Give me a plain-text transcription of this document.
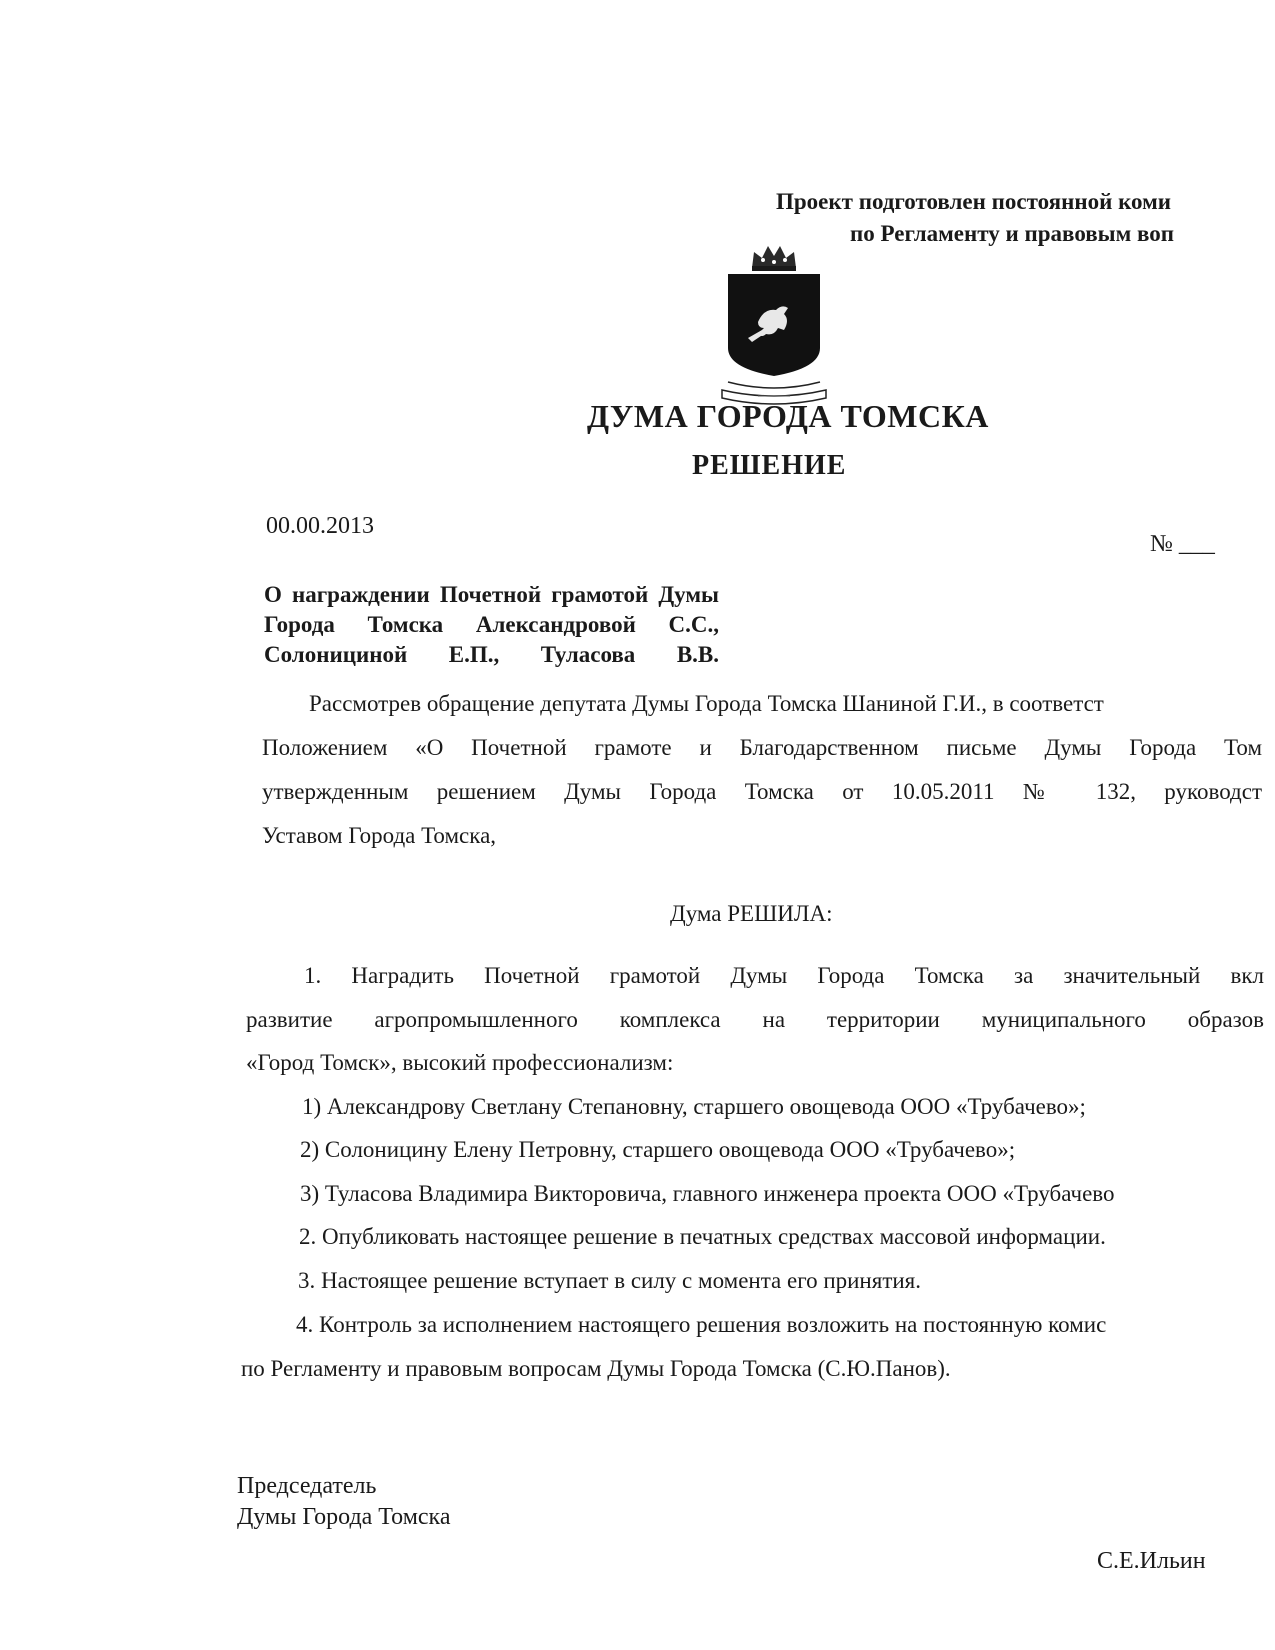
Проект подготовлен постоянной коми
по Регламенту и правовым воп
ДУМА ГОРОДА ТОМСКА
РЕШЕНИЕ
00.00.2013
№ ___
О награждении Почетной грамотой Думы Города Томска Александровой С.С., Солонициной Е.П., Туласова В.В.
Рассмотрев обращение депутата Думы Города Томска Шаниной Г.И., в соответст
Положением «О Почетной грамоте и Благодарственном письме Думы Города Том
утвержденным решением Думы Города Томска от 10.05.2011 № 132, руководст
Уставом Города Томска,
Дума РЕШИЛА:
1. Наградить Почетной грамотой Думы Города Томска за значительный вкл
развитие агропромышленного комплекса на территории муниципального образов
«Город Томск», высокий профессионализм:
1) Александрову Светлану Степановну, старшего овощевода ООО «Трубачево»;
2) Солоницину Елену Петровну, старшего овощевода ООО «Трубачево»;
3) Туласова Владимира Викторовича, главного инженера проекта ООО «Трубачево
2. Опубликовать настоящее решение в печатных средствах массовой информации.
3. Настоящее решение вступает в силу с момента его принятия.
4. Контроль за исполнением настоящего решения возложить на постоянную комис
по Регламенту и правовым вопросам Думы Города Томска (С.Ю.Панов).
Председатель
Думы Города Томска
С.Е.Ильин
